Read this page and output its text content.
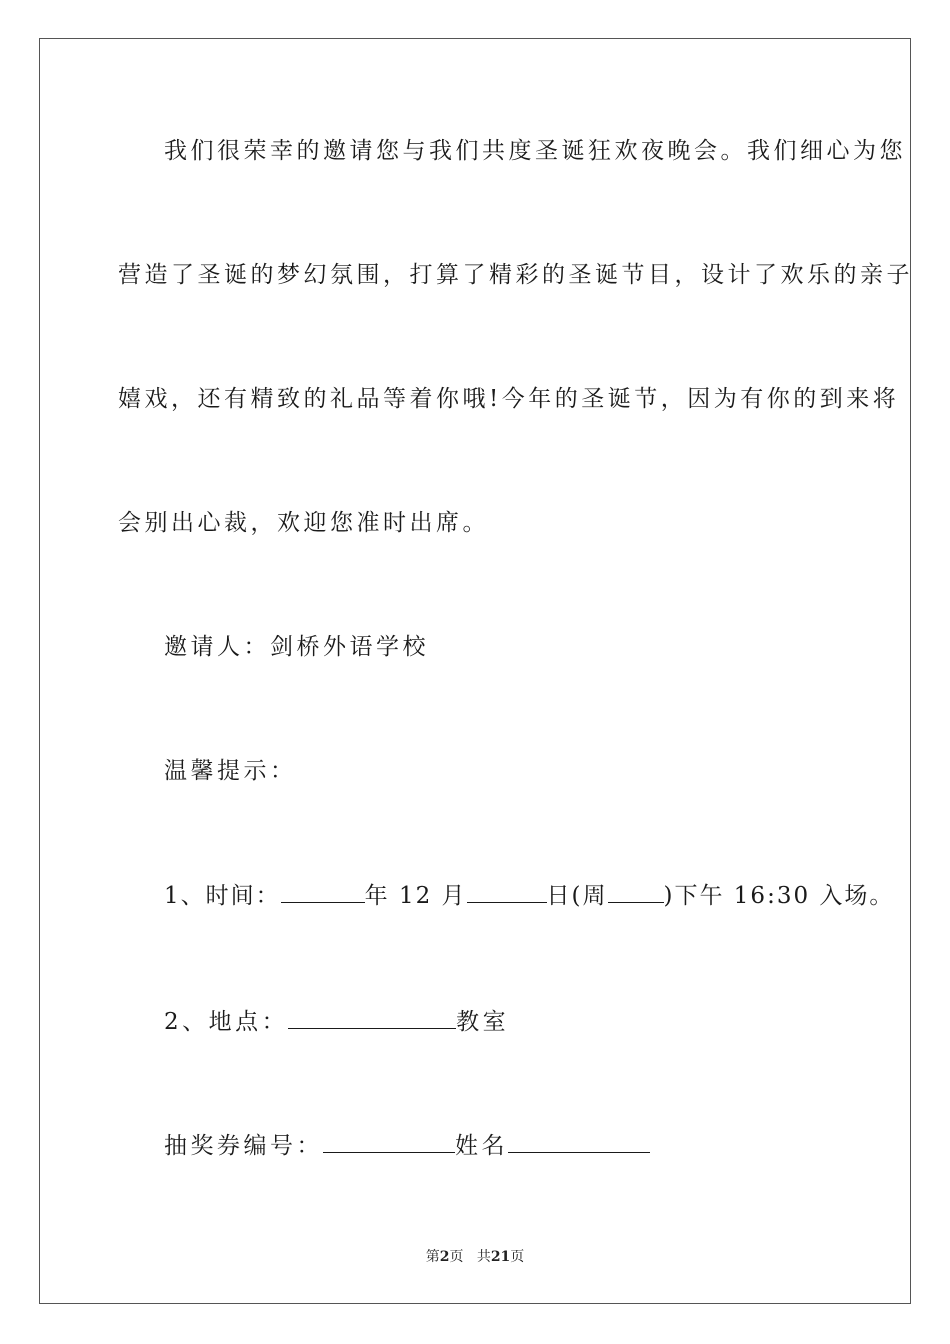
我们很荣幸的邀请您与我们共度圣诞狂欢夜晚会。我们细心为您
营造了圣诞的梦幻氛围，打算了精彩的圣诞节目，设计了欢乐的亲子
嬉戏，还有精致的礼品等着你哦!今年的圣诞节，因为有你的到来将
会别出心裁，欢迎您准时出席。
邀请人：剑桥外语学校
温馨提示：
1、时间：	年 12 月	日(周 )下午 16:30 入场。
2、地点：	教室
抽奖券编号：	姓名
第2页 共21页
